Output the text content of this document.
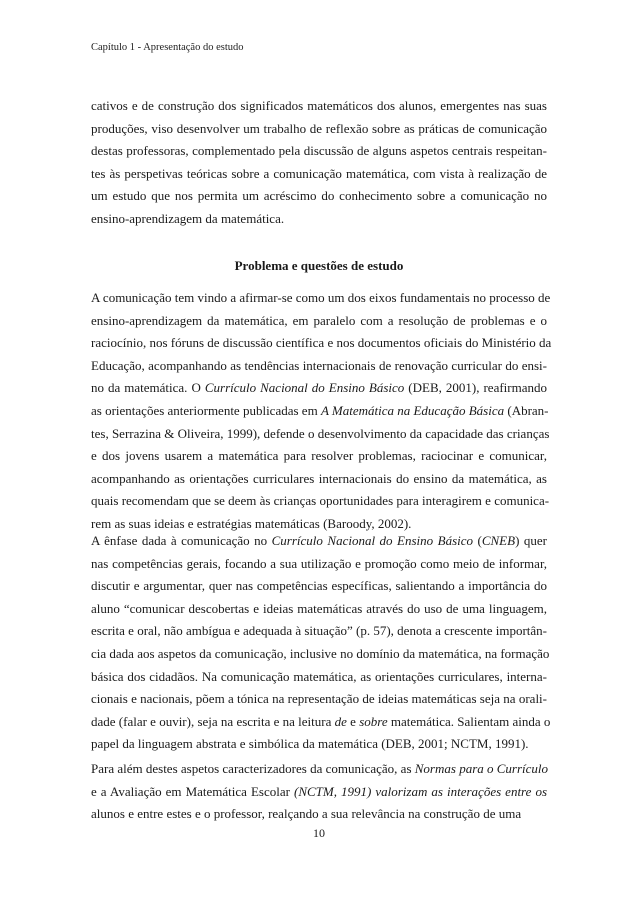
Capítulo 1 - Apresentação do estudo
cativos e de construção dos significados matemáticos dos alunos, emergentes nas suas
produções, viso desenvolver um trabalho de reflexão sobre as práticas de comunicação
destas professoras, complementado pela discussão de alguns aspetos centrais respeitan-
tes às perspetivas teóricas sobre a comunicação matemática, com vista à realização de
um estudo que nos permita um acréscimo do conhecimento sobre a comunicação no
ensino-aprendizagem da matemática.
Problema e questões de estudo
A comunicação tem vindo a afirmar-se como um dos eixos fundamentais no processo de
ensino-aprendizagem da matemática, em paralelo com a resolução de problemas e o
raciocínio, nos fóruns de discussão científica e nos documentos oficiais do Ministério da
Educação, acompanhando as tendências internacionais de renovação curricular do ensi-
no da matemática. O Currículo Nacional do Ensino Básico (DEB, 2001), reafirmando
as orientações anteriormente publicadas em A Matemática na Educação Básica (Abran-
tes, Serrazina & Oliveira, 1999), defende o desenvolvimento da capacidade das crianças
e dos jovens usarem a matemática para resolver problemas, raciocinar e comunicar,
acompanhando as orientações curriculares internacionais do ensino da matemática, as
quais recomendam que se deem às crianças oportunidades para interagirem e comunica-
rem as suas ideias e estratégias matemáticas (Baroody, 2002).
A ênfase dada à comunicação no Currículo Nacional do Ensino Básico (CNEB) quer
nas competências gerais, focando a sua utilização e promoção como meio de informar,
discutir e argumentar, quer nas competências específicas, salientando a importância do
aluno “comunicar descobertas e ideias matemáticas através do uso de uma linguagem,
escrita e oral, não ambígua e adequada à situação” (p. 57), denota a crescente importân-
cia dada aos aspetos da comunicação, inclusive no domínio da matemática, na formação
básica dos cidadãos. Na comunicação matemática, as orientações curriculares, interna-
cionais e nacionais, põem a tónica na representação de ideias matemáticas seja na orali-
dade (falar e ouvir), seja na escrita e na leitura de e sobre matemática. Salientam ainda o
papel da linguagem abstrata e simbólica da matemática (DEB, 2001; NCTM, 1991).
Para além destes aspetos caracterizadores da comunicação, as Normas para o Currículo
e a Avaliação em Matemática Escolar (NCTM, 1991) valorizam as interações entre os
alunos e entre estes e o professor, realçando a sua relevância na construção de uma
10
